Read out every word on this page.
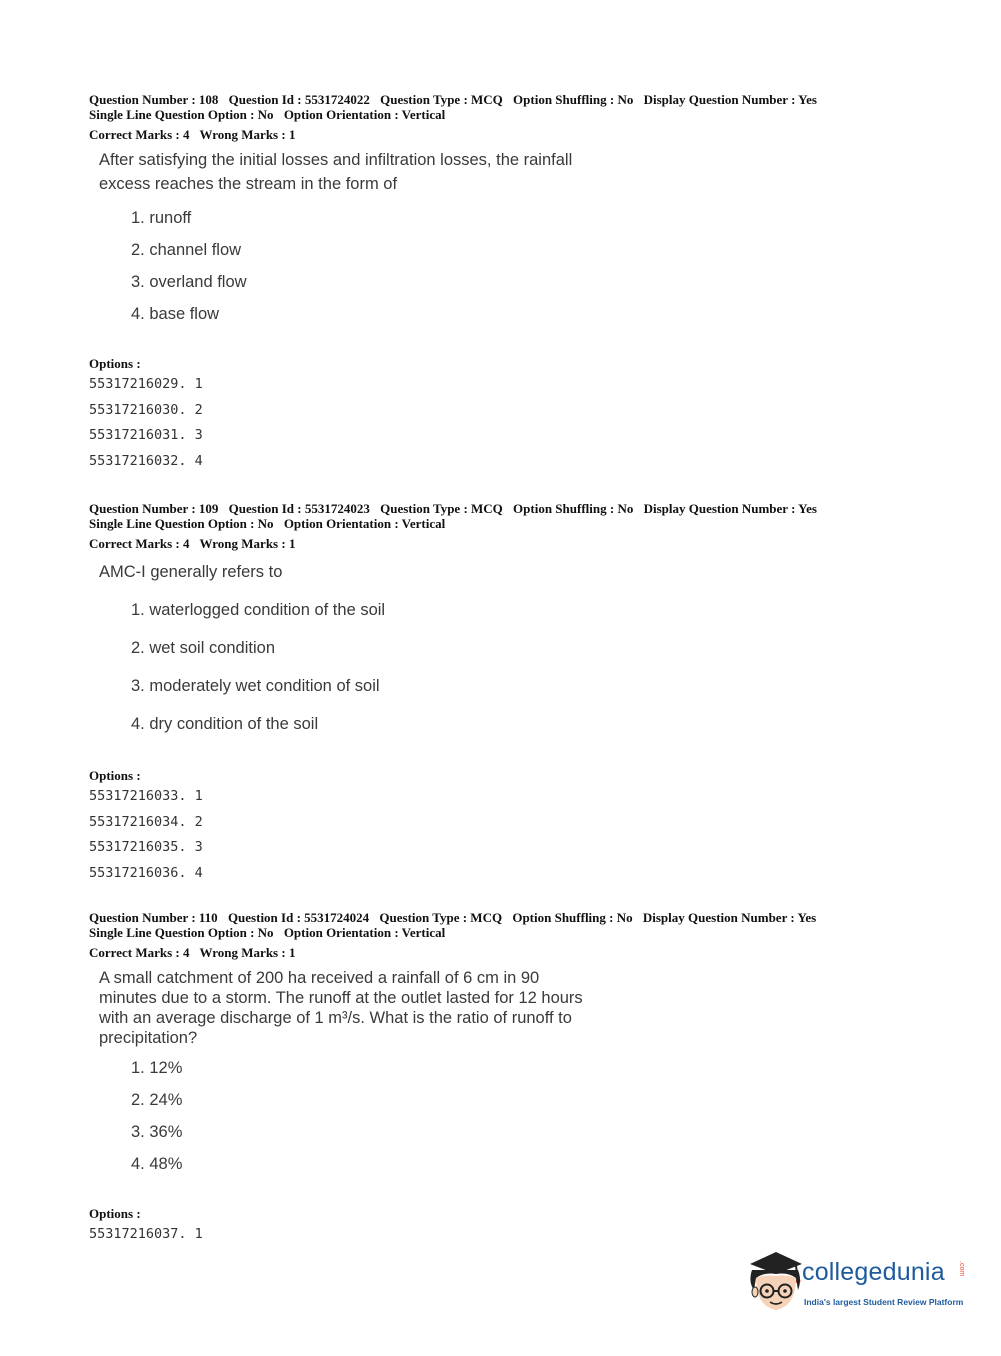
Question Number : 108 Question Id : 5531724022 Question Type : MCQ Option Shuffling : No Display Question Number : Yes
Single Line Question Option : No Option Orientation : Vertical
Correct Marks : 4 Wrong Marks : 1
After satisfying the initial losses and infiltration losses, the rainfall
excess reaches the stream in the form of
1. runoff
2. channel flow
3. overland flow
4. base flow
Options :
55317216029. 1
55317216030. 2
55317216031. 3
55317216032. 4
Question Number : 109 Question Id : 5531724023 Question Type : MCQ Option Shuffling : No Display Question Number : Yes
Single Line Question Option : No Option Orientation : Vertical
Correct Marks : 4 Wrong Marks : 1
AMC-I generally refers to
1. waterlogged condition of the soil
2. wet soil condition
3. moderately wet condition of soil
4. dry condition of the soil
Options :
55317216033. 1
55317216034. 2
55317216035. 3
55317216036. 4
Question Number : 110 Question Id : 5531724024 Question Type : MCQ Option Shuffling : No Display Question Number : Yes
Single Line Question Option : No Option Orientation : Vertical
Correct Marks : 4 Wrong Marks : 1
A small catchment of 200 ha received a rainfall of 6 cm in 90
minutes due to a storm. The runoff at the outlet lasted for 12 hours
with an average discharge of 1 m³/s. What is the ratio of runoff to
precipitation?
1. 12%
2. 24%
3. 36%
4. 48%
Options :
55317216037. 1
collegedunia .com
India's largest Student Review Platform
